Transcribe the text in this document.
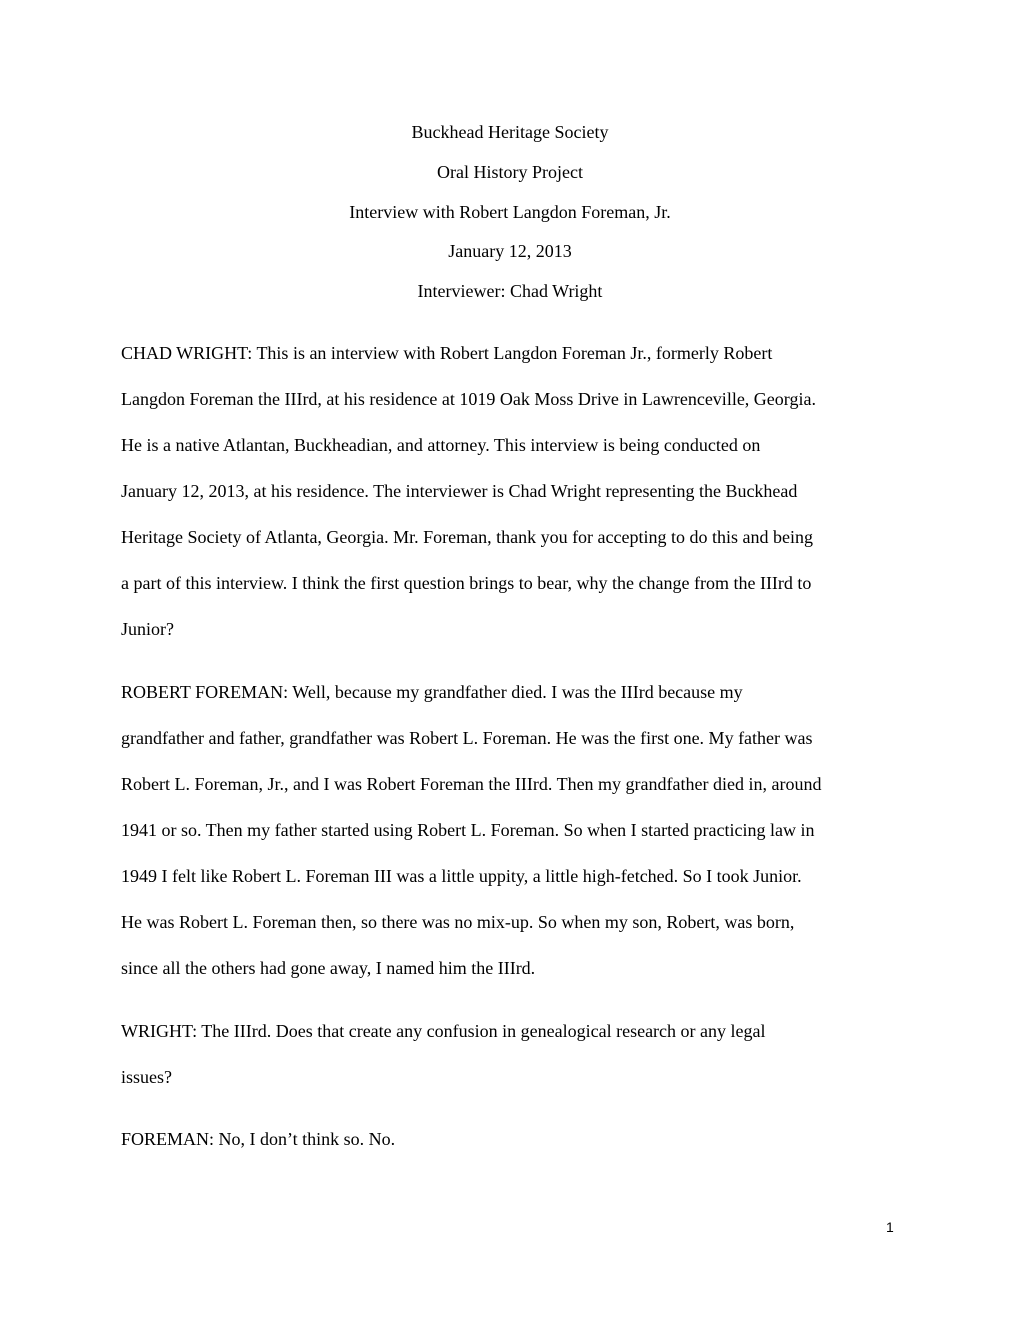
Buckhead Heritage Society
Oral History Project
Interview with Robert Langdon Foreman, Jr.
January 12, 2013
Interviewer: Chad Wright
CHAD WRIGHT: This is an interview with Robert Langdon Foreman Jr., formerly Robert
Langdon Foreman the IIIrd, at his residence at 1019 Oak Moss Drive in Lawrenceville, Georgia.
He is a native Atlantan, Buckheadian, and attorney. This interview is being conducted on
January 12, 2013, at his residence. The interviewer is Chad Wright representing the Buckhead
Heritage Society of Atlanta, Georgia. Mr. Foreman, thank you for accepting to do this and being
a part of this interview. I think the first question brings to bear, why the change from the IIIrd to
Junior?
ROBERT FOREMAN: Well, because my grandfather died. I was the IIIrd because my
grandfather and father, grandfather was Robert L. Foreman. He was the first one. My father was
Robert L. Foreman, Jr., and I was Robert Foreman the IIIrd. Then my grandfather died in, around
1941 or so. Then my father started using Robert L. Foreman. So when I started practicing law in
1949 I felt like Robert L. Foreman III was a little uppity, a little high-fetched. So I took Junior.
He was Robert L. Foreman then, so there was no mix-up. So when my son, Robert, was born,
since all the others had gone away, I named him the IIIrd.
WRIGHT: The IIIrd. Does that create any confusion in genealogical research or any legal
issues?
FOREMAN: No, I don’t think so. No.
1
